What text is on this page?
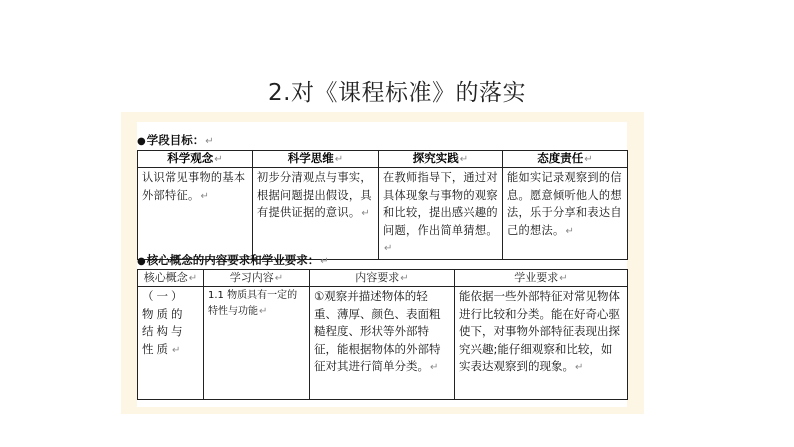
2.对《课程标准》的落实
●学段目标：↵
科学观念↵	科学思维↵	探究实践↵	态度责任↵
认识常见事物的基本外部特征。↵	初步分清观点与事实，根据问题提出假设，具有提供证据的意识。↵	在教师指导下，通过对具体现象与事物的观察和比较，提出感兴趣的问题，作出简单猜想。↵	能如实记录观察到的信息。愿意倾听他人的想法，乐于分享和表达自己的想法。↵
●核心概念的内容要求和学业要求：↵
核心概念↵	学习内容↵	内容要求↵	学业要求↵
（一）物质的结构与性质↵	1.1 物质具有一定的特性与功能↵	①观察并描述物体的轻重、薄厚、颜色、表面粗糙程度、形状等外部特征，能根据物体的外部特征对其进行简单分类。↵	能依据一些外部特征对常见物体进行比较和分类。能在好奇心驱使下，对事物外部特征表现出探究兴趣;能仔细观察和比较，如实表达观察到的现象。↵
